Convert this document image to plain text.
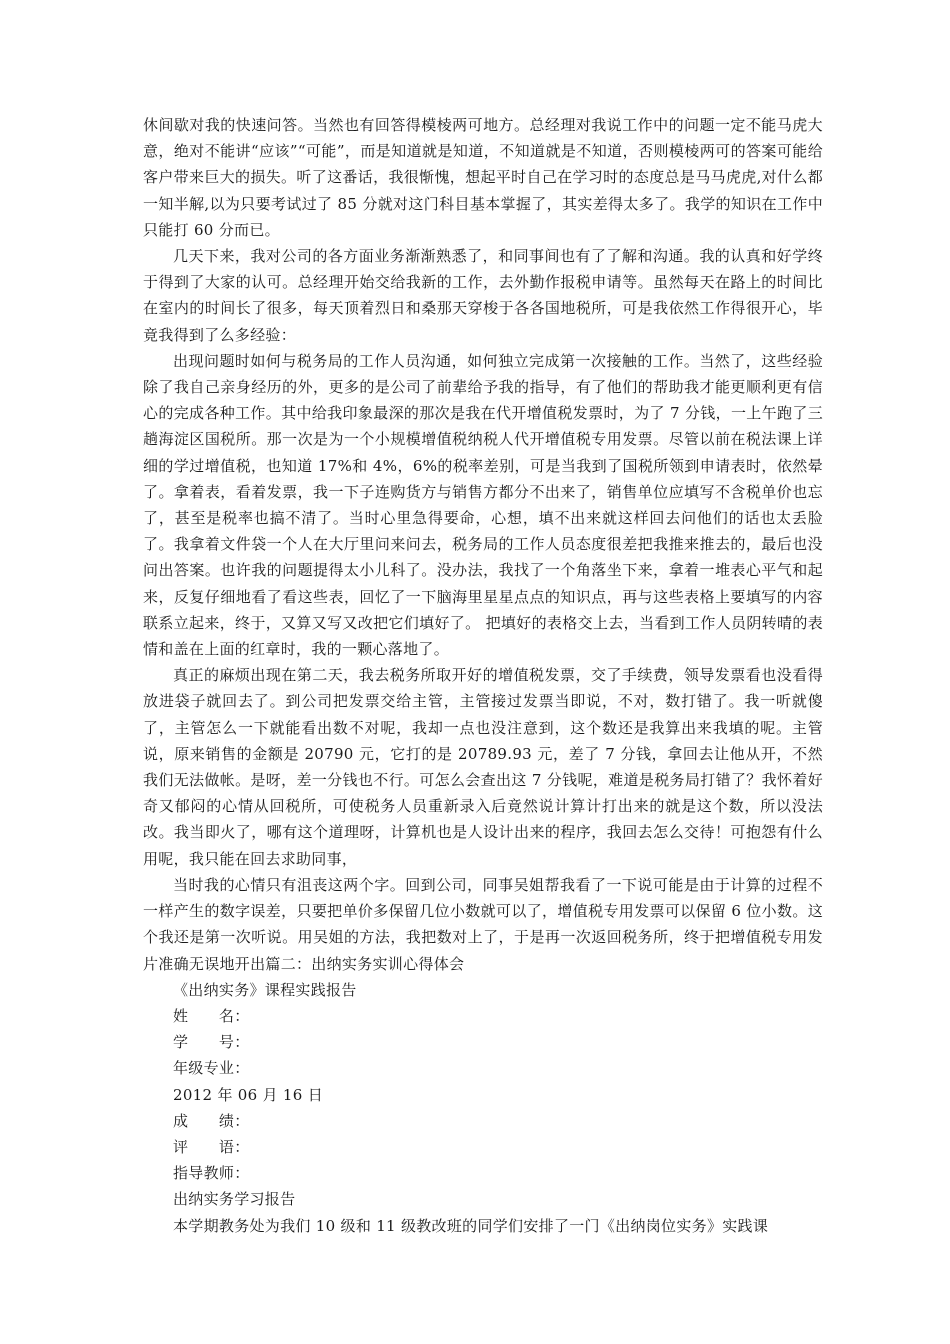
休间歇对我的快速问答。当然也有回答得模棱两可地方。总经理对我说工作中的问题一定不能马虎大意，绝对不能讲“应该”“可能”，而是知道就是知道，不知道就是不知道，否则模棱两可的答案可能给客户带来巨大的损失。听了这番话，我很惭愧，想起平时自己在学习时的态度总是马马虎虎,对什么都一知半解,以为只要考试过了 85 分就对这门科目基本掌握了，其实差得太多了。我学的知识在工作中只能打 60 分而已。

几天下来，我对公司的各方面业务渐渐熟悉了，和同事间也有了了解和沟通。我的认真和好学终于得到了大家的认可。总经理开始交给我新的工作，去外勤作报税申请等。虽然每天在路上的时间比在室内的时间长了很多，每天顶着烈日和桑那天穿梭于各各国地税所，可是我依然工作得很开心，毕竟我得到了么多经验：

出现问题时如何与税务局的工作人员沟通，如何独立完成第一次接触的工作。当然了，这些经验除了我自己亲身经历的外，更多的是公司了前辈给予我的指导，有了他们的帮助我才能更顺利更有信心的完成各种工作。其中给我印象最深的那次是我在代开增值税发票时，为了 7 分钱，一上午跑了三趟海淀区国税所。那一次是为一个小规模增值税纳税人代开增值税专用发票。尽管以前在税法课上详细的学过增值税，也知道 17%和 4%，6%的税率差别，可是当我到了国税所领到申请表时，依然晕了。拿着表，看着发票，我一下子连购货方与销售方都分不出来了，销售单位应填写不含税单价也忘了，甚至是税率也搞不清了。当时心里急得要命，心想，填不出来就这样回去问他们的话也太丢脸了。我拿着文件袋一个人在大厅里问来问去，税务局的工作人员态度很差把我推来推去的，最后也没问出答案。也许我的问题提得太小儿科了。没办法，我找了一个角落坐下来，拿着一堆表心平气和起来，反复仔细地看了看这些表，回忆了一下脑海里星星点点的知识点，再与这些表格上要填写的内容联系立起来，终于，又算又写又改把它们填好了。 把填好的表格交上去，当看到工作人员阴转晴的表情和盖在上面的红章时，我的一颗心落地了。

真正的麻烦出现在第二天，我去税务所取开好的增值税发票，交了手续费，领导发票看也没看得放进袋子就回去了。到公司把发票交给主管，主管接过发票当即说，不对，数打错了。我一听就傻了，主管怎么一下就能看出数不对呢，我却一点也没注意到，这个数还是我算出来我填的呢。主管说，原来销售的金额是 20790 元，它打的是 20789.93 元，差了 7 分钱，拿回去让他从开，不然我们无法做帐。是呀，差一分钱也不行。可怎么会查出这 7 分钱呢，难道是税务局打错了？我怀着好奇又郁闷的心情从回税所，可使税务人员重新录入后竟然说计算计打出来的就是这个数，所以没法改。我当即火了，哪有这个道理呀，计算机也是人设计出来的程序，我回去怎么交待！可抱怨有什么用呢，我只能在回去求助同事，

当时我的心情只有沮丧这两个字。回到公司，同事吴姐帮我看了一下说可能是由于计算的过程不一样产生的数字误差，只要把单价多保留几位小数就可以了，增值税专用发票可以保留 6 位小数。这个我还是第一次听说。用吴姐的方法，我把数对上了，于是再一次返回税务所，终于把增值税专用发片准确无误地开出篇二：出纳实务实训心得体会

《出纳实务》课程实践报告

姓　　名：

学　　号：

年级专业：

2012 年 06 月 16 日

成　　绩：

评　　语：

指导教师：

出纳实务学习报告

本学期教务处为我们 10 级和 11 级教改班的同学们安排了一门《出纳岗位实务》实践课
